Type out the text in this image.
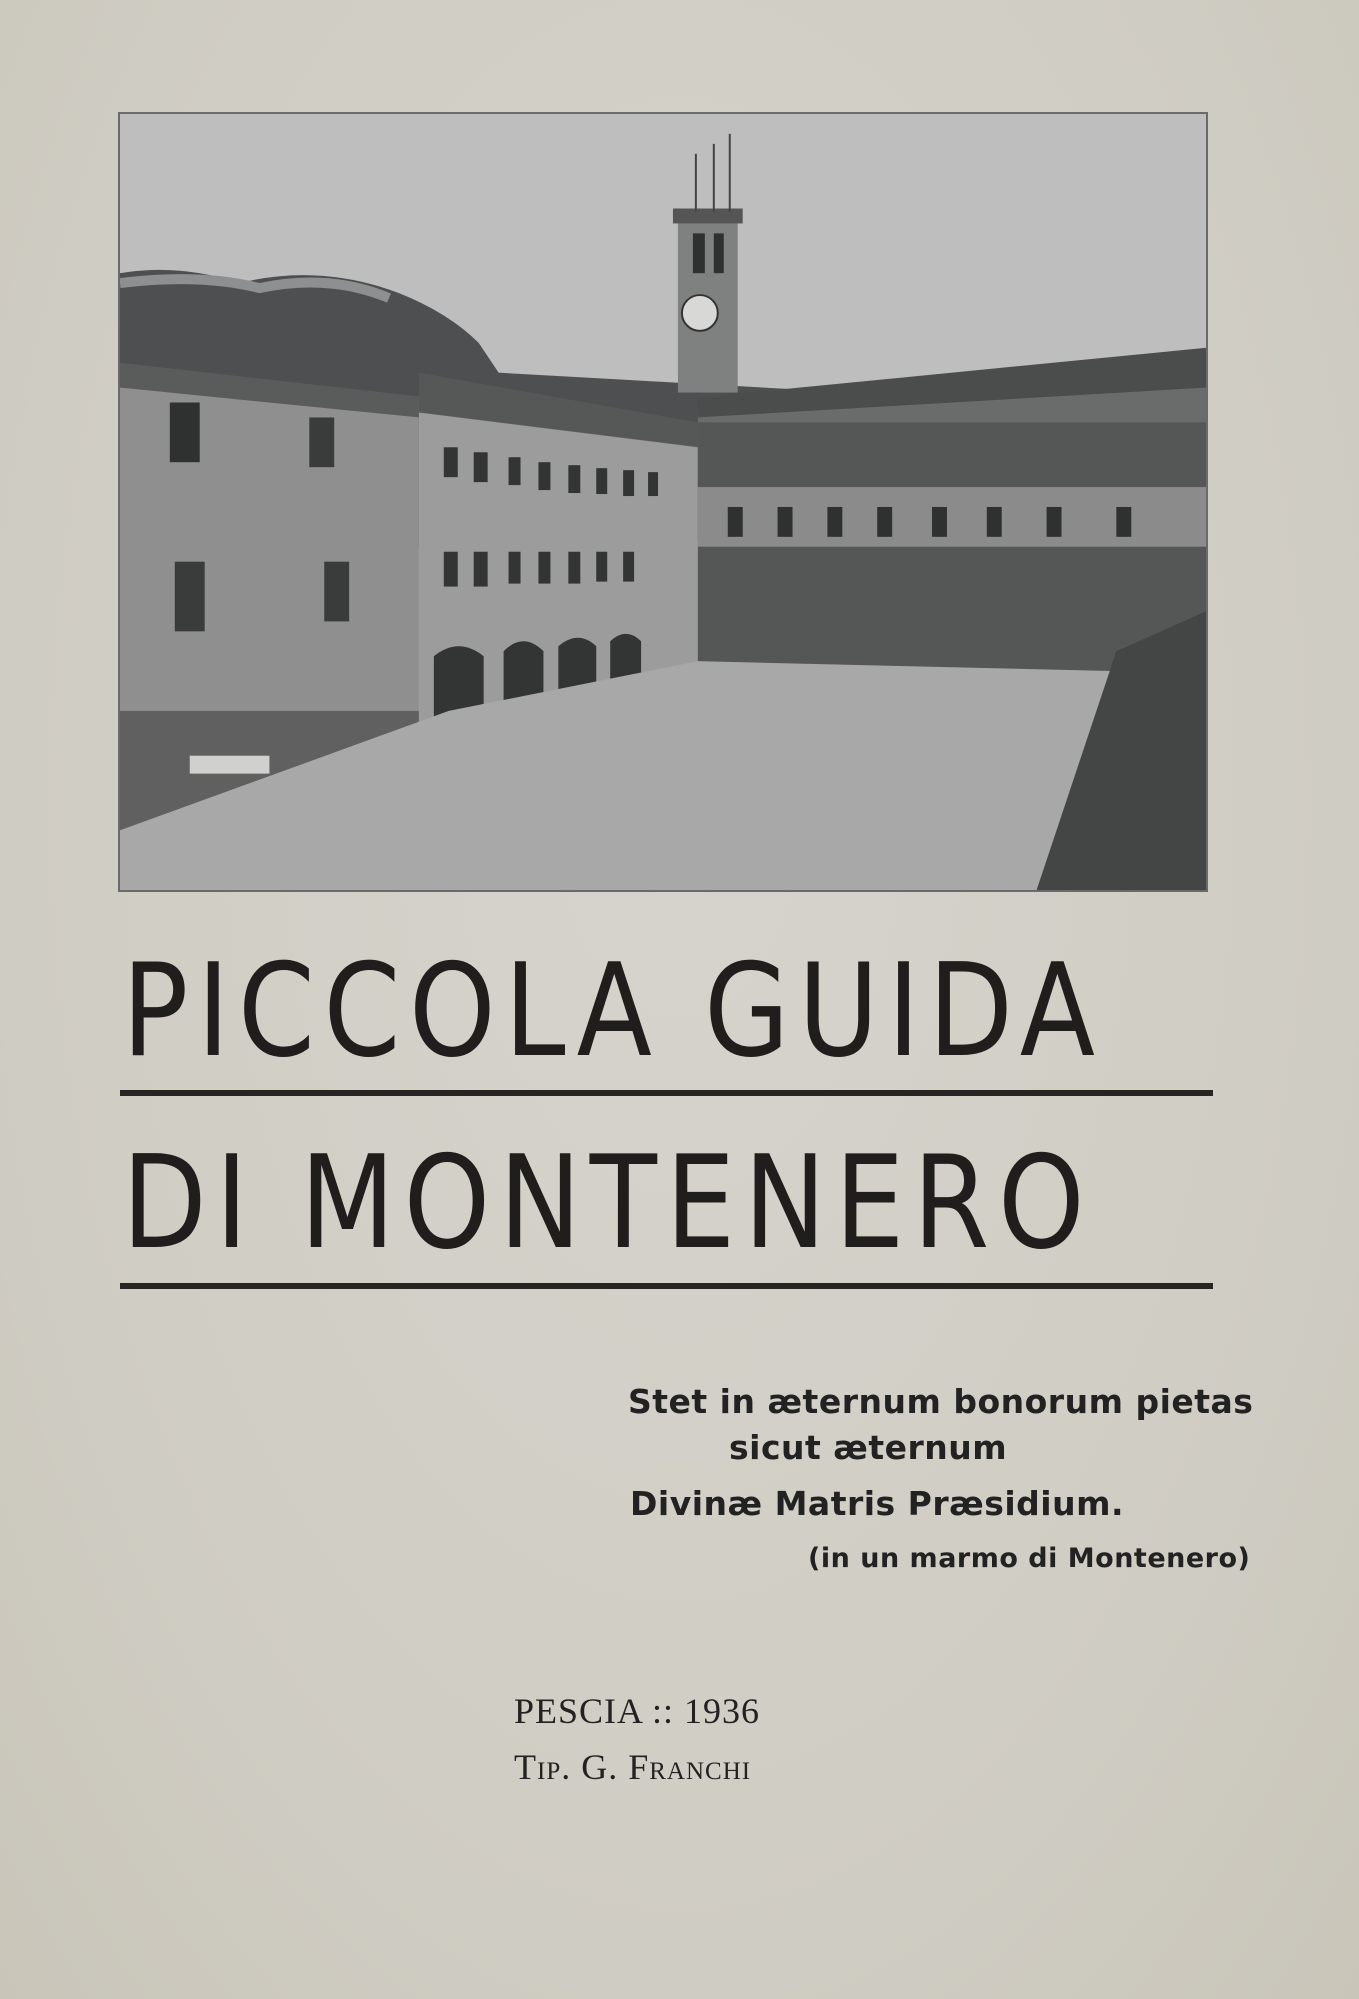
PICCOLA GUIDA
DI MONTENERO
Stet in æternum bonorum pietas
sicut æternum
Divinæ Matris Præsidium.
(in un marmo di Montenero)
PESCIA :: 1936
Tip. G. Franchi
